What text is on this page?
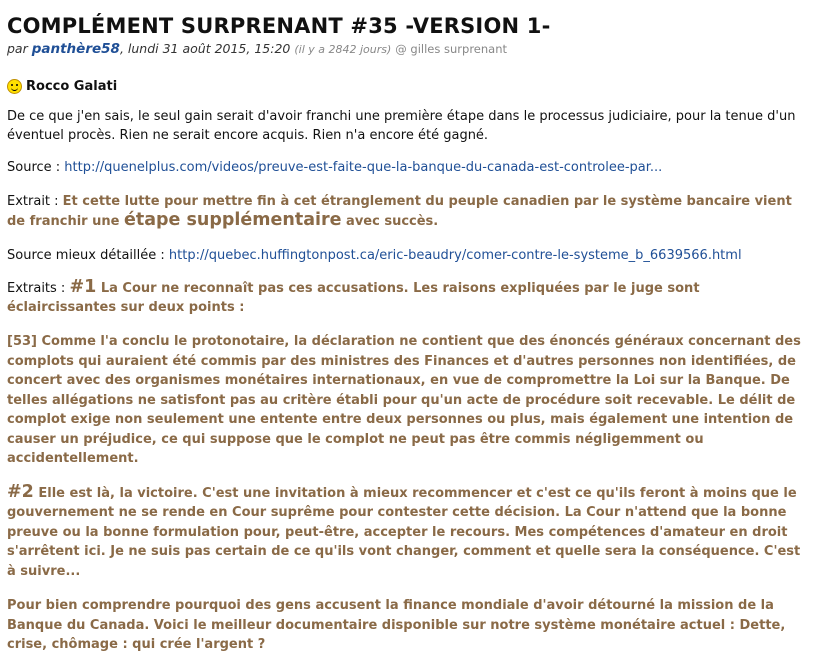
COMPLÉMENT SURPRENANT #35 -VERSION 1-
par panthère58, lundi 31 août 2015, 15:20 (il y a 2842 jours) @ gilles surprenant
Rocco Galati

De ce que j'en sais, le seul gain serait d'avoir franchi une première étape dans le processus judiciaire, pour la tenue d'un éventuel procès. Rien ne serait encore acquis. Rien n'a encore été gagné.

Source : http://quenelplus.com/videos/preuve-est-faite-que-la-banque-du-canada-est-controlee-par...

Extrait : Et cette lutte pour mettre fin à cet étranglement du peuple canadien par le système bancaire vient de franchir une étape supplémentaire avec succès.

Source mieux détaillée : http://quebec.huffingtonpost.ca/eric-beaudry/comer-contre-le-systeme_b_6639566.html

Extraits : #1 La Cour ne reconnaît pas ces accusations. Les raisons expliquées par le juge sont éclaircissantes sur deux points :

[53] Comme l'a conclu le protonotaire, la déclaration ne contient que des énoncés généraux concernant des complots qui auraient été commis par des ministres des Finances et d'autres personnes non identifiées, de concert avec des organismes monétaires internationaux, en vue de compromettre la Loi sur la Banque. De telles allégations ne satisfont pas au critère établi pour qu'un acte de procédure soit recevable. Le délit de complot exige non seulement une entente entre deux personnes ou plus, mais également une intention de causer un préjudice, ce qui suppose que le complot ne peut pas être commis négligemment ou accidentellement.

#2 Elle est là, la victoire. C'est une invitation à mieux recommencer et c'est ce qu'ils feront à moins que le gouvernement ne se rende en Cour suprême pour contester cette décision. La Cour n'attend que la bonne preuve ou la bonne formulation pour, peut-être, accepter le recours. Mes compétences d'amateur en droit s'arrêtent ici. Je ne suis pas certain de ce qu'ils vont changer, comment et quelle sera la conséquence. C'est à suivre...

Pour bien comprendre pourquoi des gens accusent la finance mondiale d'avoir détourné la mission de la Banque du Canada. Voici le meilleur documentaire disponible sur notre système monétaire actuel : Dette, crise, chômage : qui crée l'argent ?
